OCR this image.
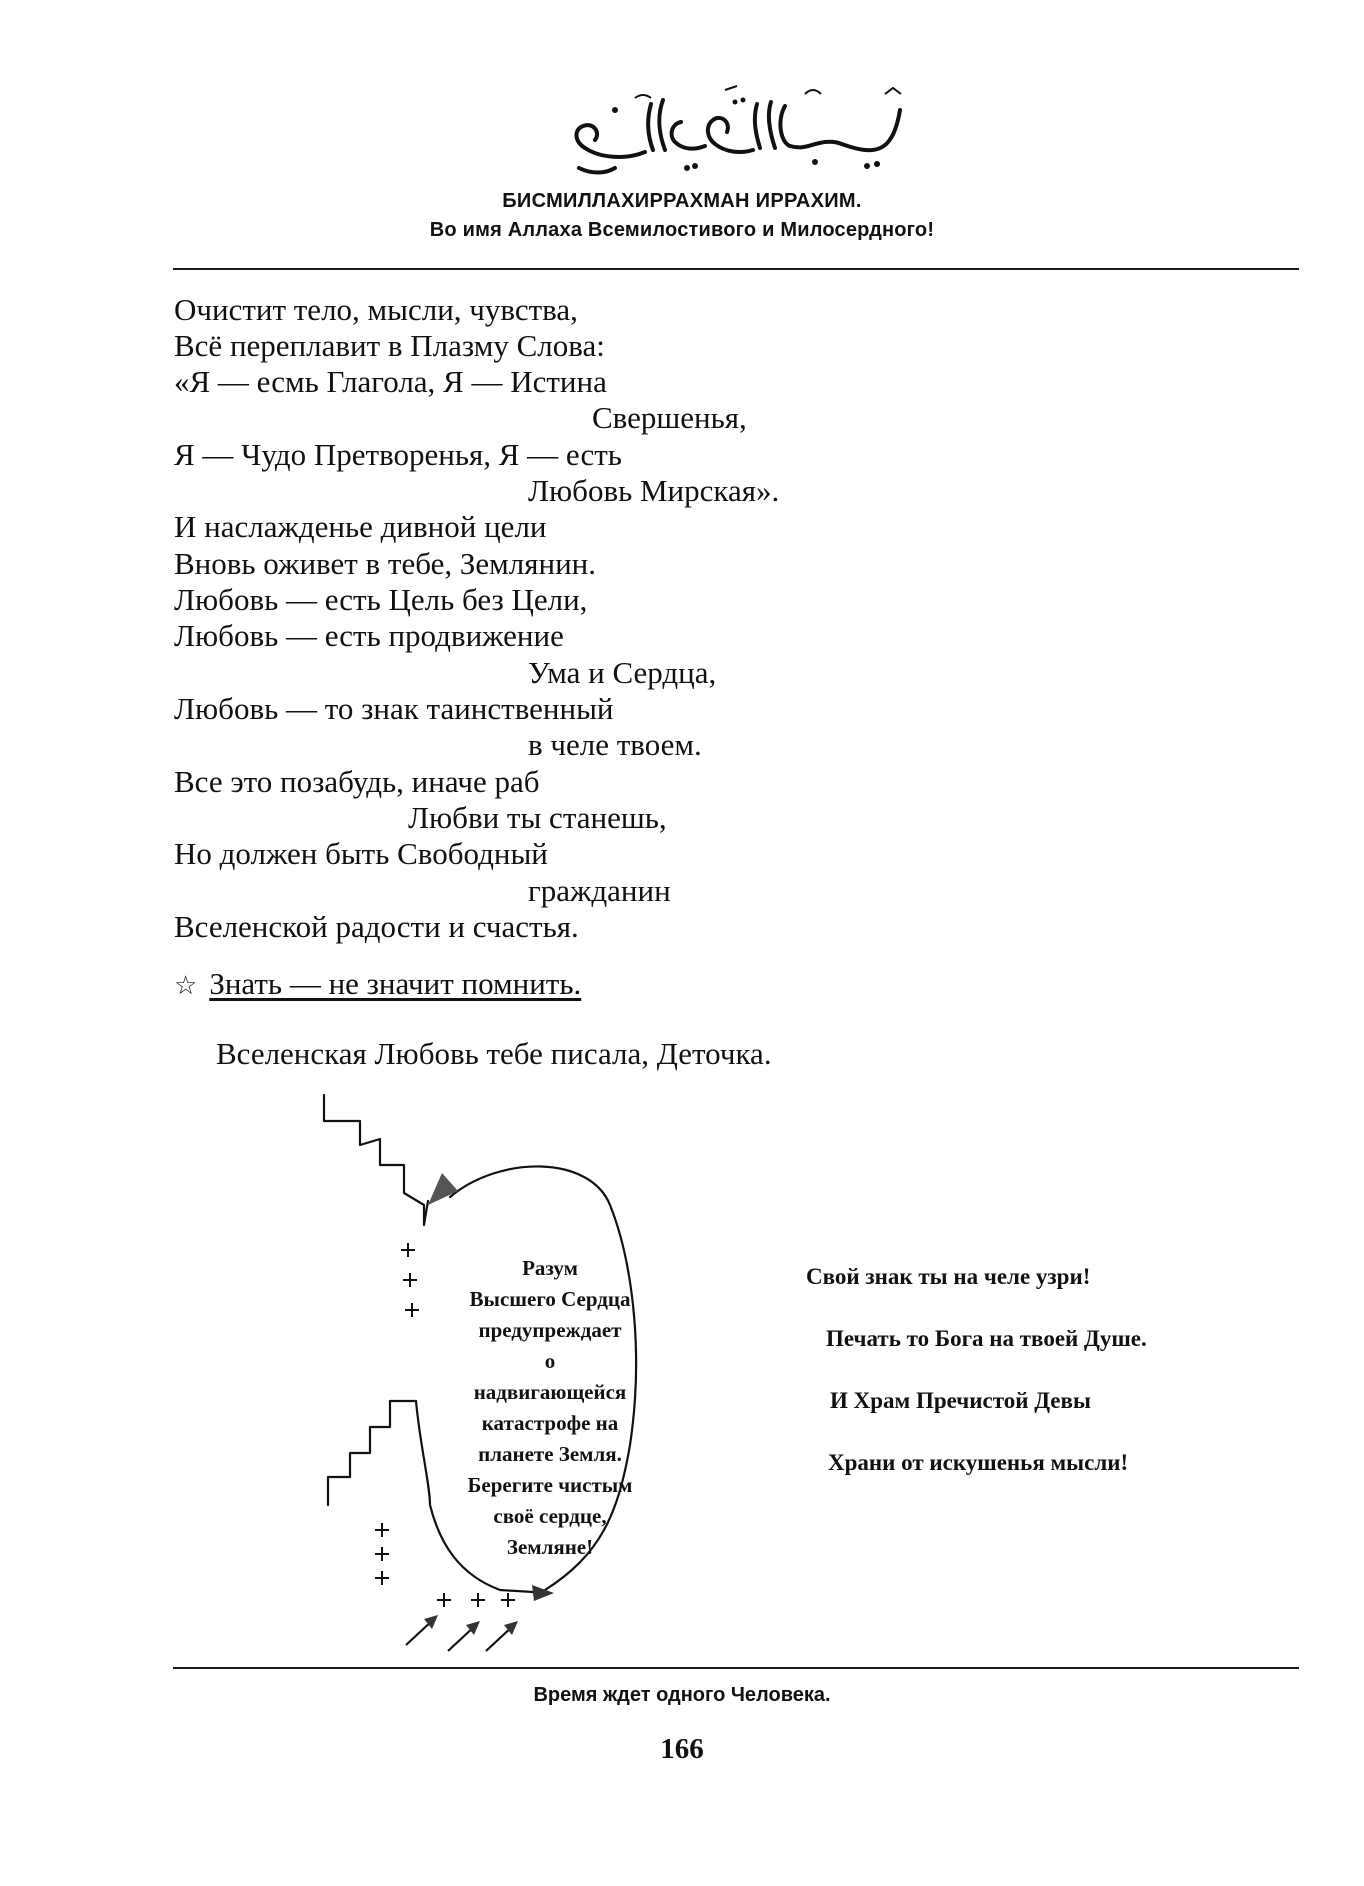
БИСМИЛЛАХИРРАХМАН ИРРАХИМ.
Во имя Аллаха Всемилостивого и Милосердного!
Очистит тело, мысли, чувства,
Всё переплавит в Плазму Слова:
«Я — есмь Глагола, Я — Истина
Свершенья,
Я — Чудо Претворенья, Я — есть
Любовь Мирская».
И наслажденье дивной цели
Вновь оживет в тебе, Землянин.
Любовь — есть Цель без Цели,
Любовь — есть продвижение
Ума и Сердца,
Любовь — то знак таинственный
в челе твоем.
Все это позабудь, иначе раб
Любви ты станешь,
Но должен быть Свободный
гражданин
Вселенской радости и счастья.
☆ Знать — не значит помнить.
Вселенская Любовь тебе писала, Деточка.
Разум
Высшего Сердца
предупреждает
о
надвигающейся
катастрофе на
планете Земля.
Берегите чистым
своё сердце,
Земляне!
Свой знак ты на челе узри!
Печать то Бога на твоей Душе.
И Храм Пречистой Девы
Храни от искушенья мысли!
Время ждет одного Человека.
166
